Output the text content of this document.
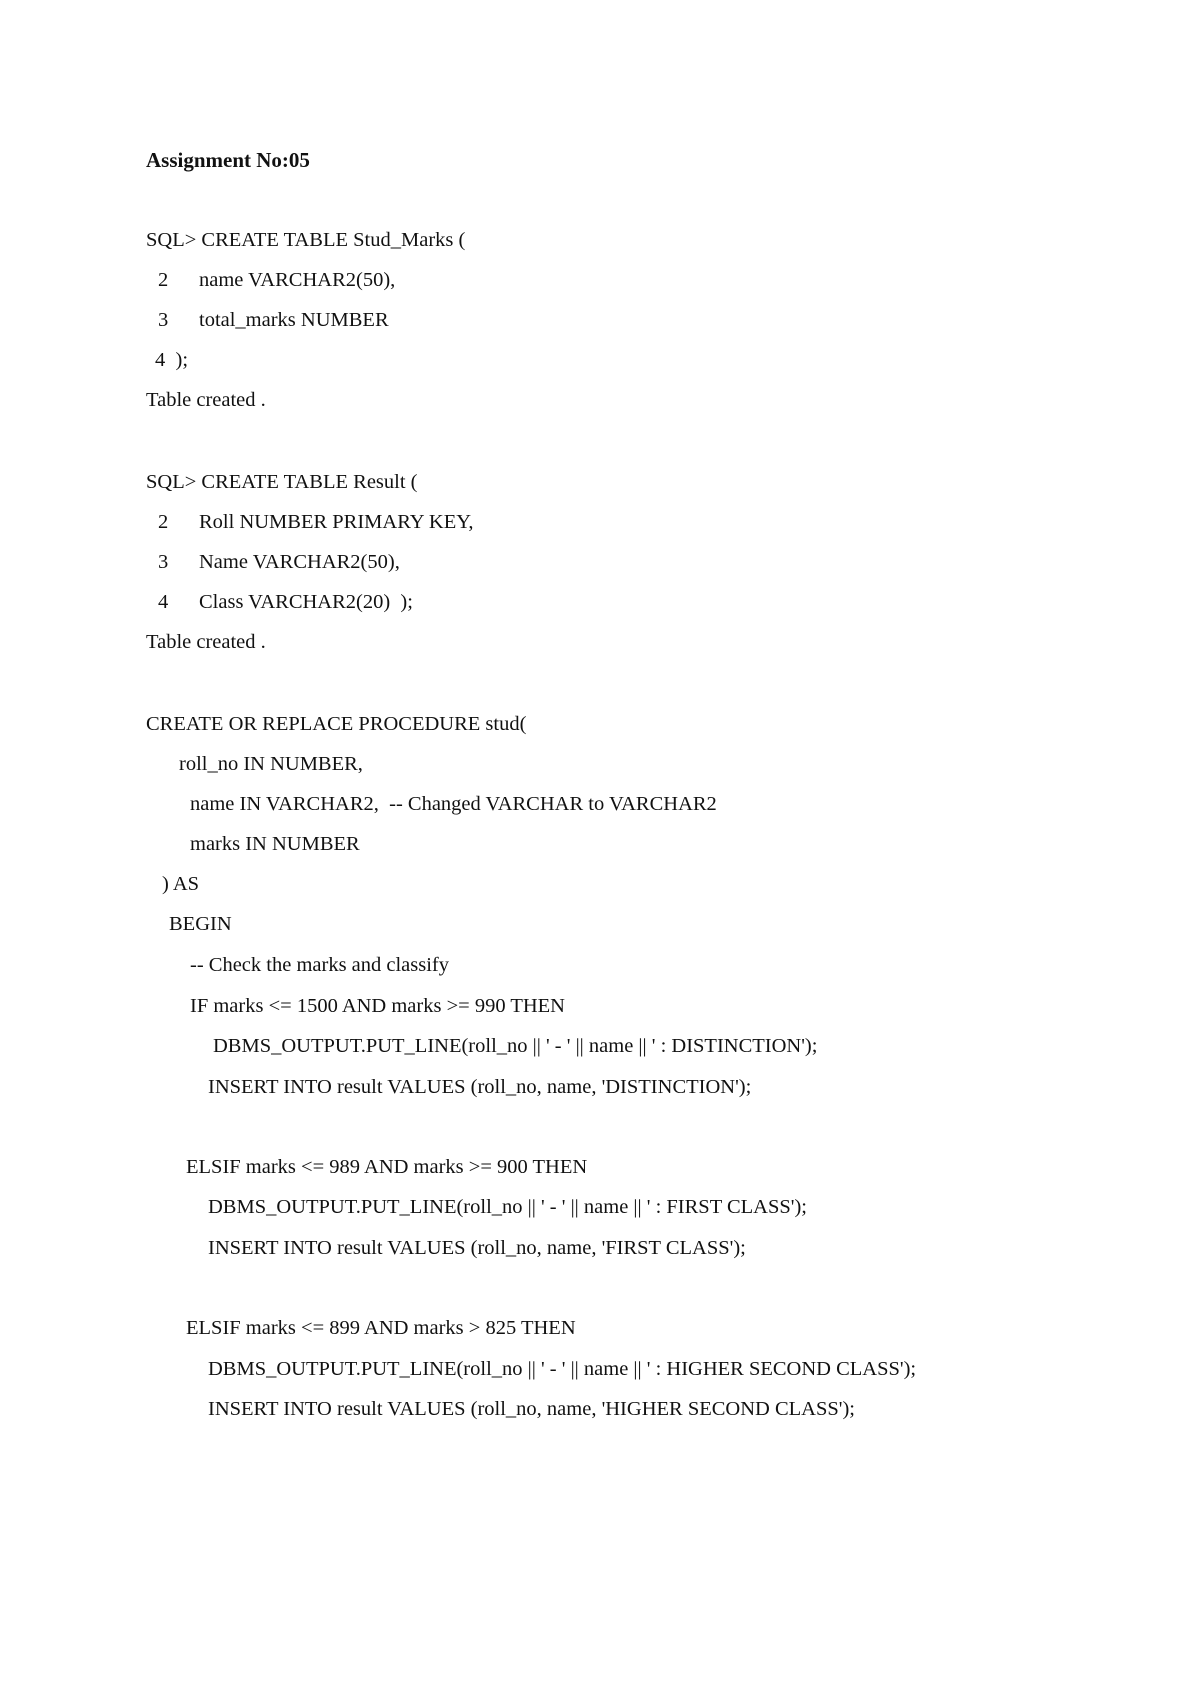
Assignment No:05
SQL> CREATE TABLE Stud_Marks (
2      name VARCHAR2(50),
3      total_marks NUMBER
4  );
Table created .
SQL> CREATE TABLE Result (
2      Roll NUMBER PRIMARY KEY,
3      Name VARCHAR2(50),
4      Class VARCHAR2(20)  );
Table created .
CREATE OR REPLACE PROCEDURE stud(
roll_no IN NUMBER,
name IN VARCHAR2,  -- Changed VARCHAR to VARCHAR2
marks IN NUMBER
) AS
BEGIN
-- Check the marks and classify
IF marks <= 1500 AND marks >= 990 THEN
DBMS_OUTPUT.PUT_LINE(roll_no || ' - ' || name || ' : DISTINCTION');
INSERT INTO result VALUES (roll_no, name, 'DISTINCTION');
ELSIF marks <= 989 AND marks >= 900 THEN
DBMS_OUTPUT.PUT_LINE(roll_no || ' - ' || name || ' : FIRST CLASS');
INSERT INTO result VALUES (roll_no, name, 'FIRST CLASS');
ELSIF marks <= 899 AND marks > 825 THEN
DBMS_OUTPUT.PUT_LINE(roll_no || ' - ' || name || ' : HIGHER SECOND CLASS');
INSERT INTO result VALUES (roll_no, name, 'HIGHER SECOND CLASS');
